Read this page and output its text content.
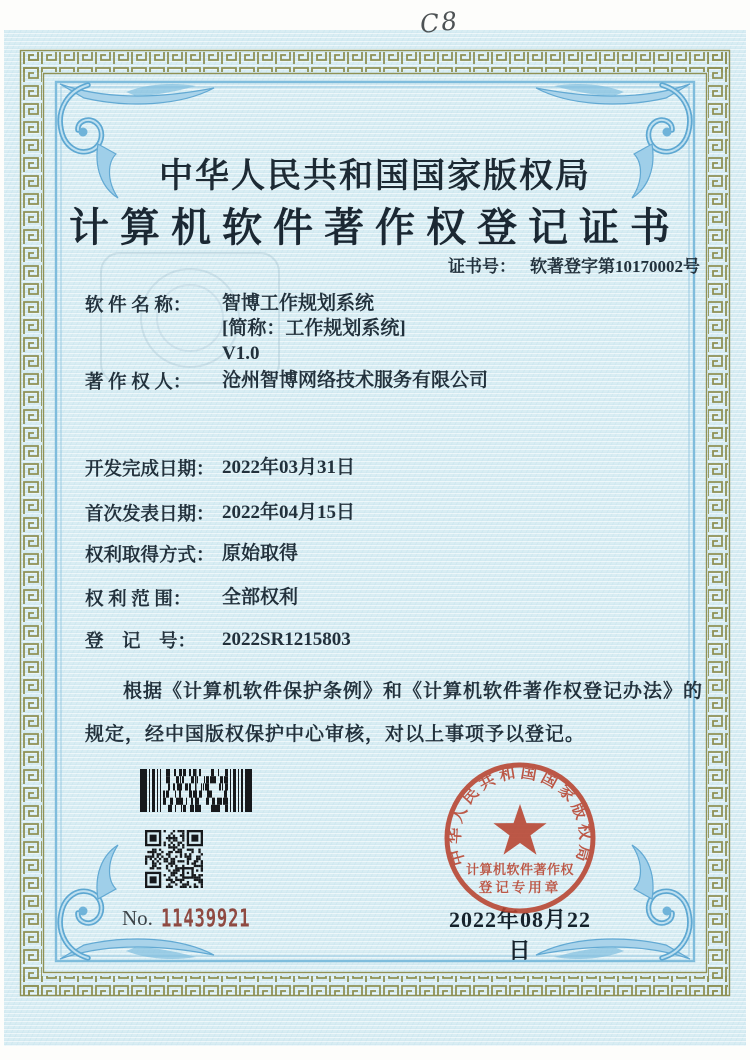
C8
中华人民共和国国家版权局
计算机软件著作权登记证书
证书号： 软著登字第10170002号
软 件 名 称：	智博工作规划系统
[简称：工作规划系统]
V1.0
著 作 权 人：	沧州智博网络技术服务有限公司
开发完成日期： 2022年03月31日
首次发表日期： 2022年04月15日
权利取得方式： 原始取得
权 利 范 围：	全部权利
登　记　号：	2022SR1215803
根据《计算机软件保护条例》和《计算机软件著作权登记办法》的
规定，经中国版权保护中心审核，对以上事项予以登记。
No. 11439921
中华人民共和国国家版权局
计算机软件著作权
登记专用章
2022年08月22日
